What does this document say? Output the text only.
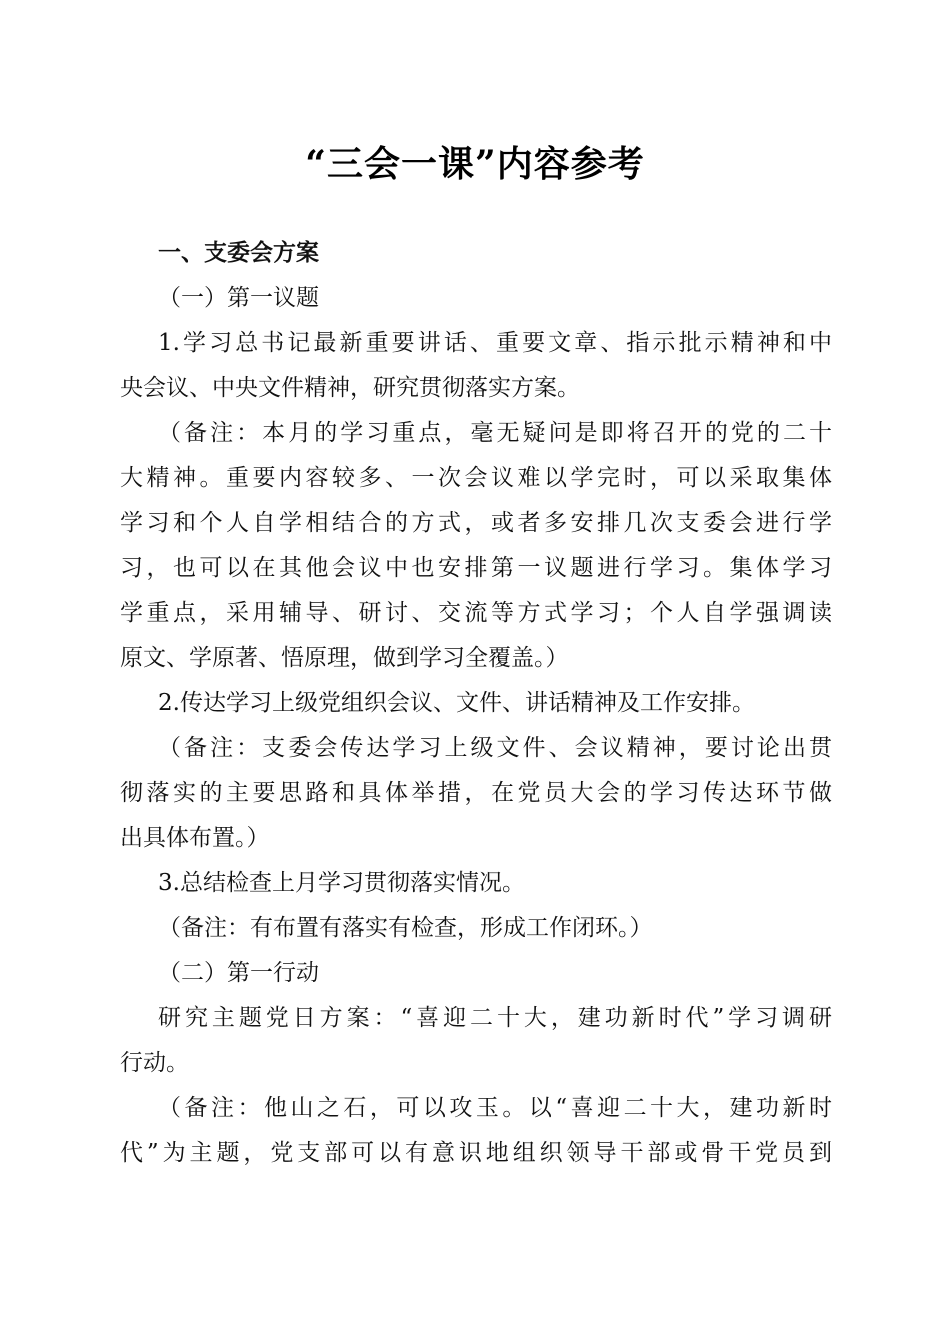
“三会一课”内容参考
一、支委会方案
（一）第一议题
1.学习总书记最新重要讲话、重要文章、指示批示精神和中
央会议、中央文件精神，研究贯彻落实方案。
（备注：本月的学习重点，毫无疑问是即将召开的党的二十
大精神。重要内容较多、一次会议难以学完时，可以采取集体
学习和个人自学相结合的方式，或者多安排几次支委会进行学
习，也可以在其他会议中也安排第一议题进行学习。集体学习
学重点，采用辅导、研讨、交流等方式学习；个人自学强调读
原文、学原著、悟原理，做到学习全覆盖。）
2.传达学习上级党组织会议、文件、讲话精神及工作安排。
（备注：支委会传达学习上级文件、会议精神，要讨论出贯
彻落实的主要思路和具体举措，在党员大会的学习传达环节做
出具体布置。）
3.总结检查上月学习贯彻落实情况。
（备注：有布置有落实有检查，形成工作闭环。）
（二）第一行动
研究主题党日方案：“喜迎二十大，建功新时代”学习调研
行动。
（备注：他山之石，可以攻玉。以“喜迎二十大，建功新时
代”为主题，党支部可以有意识地组织领导干部或骨干党员到
